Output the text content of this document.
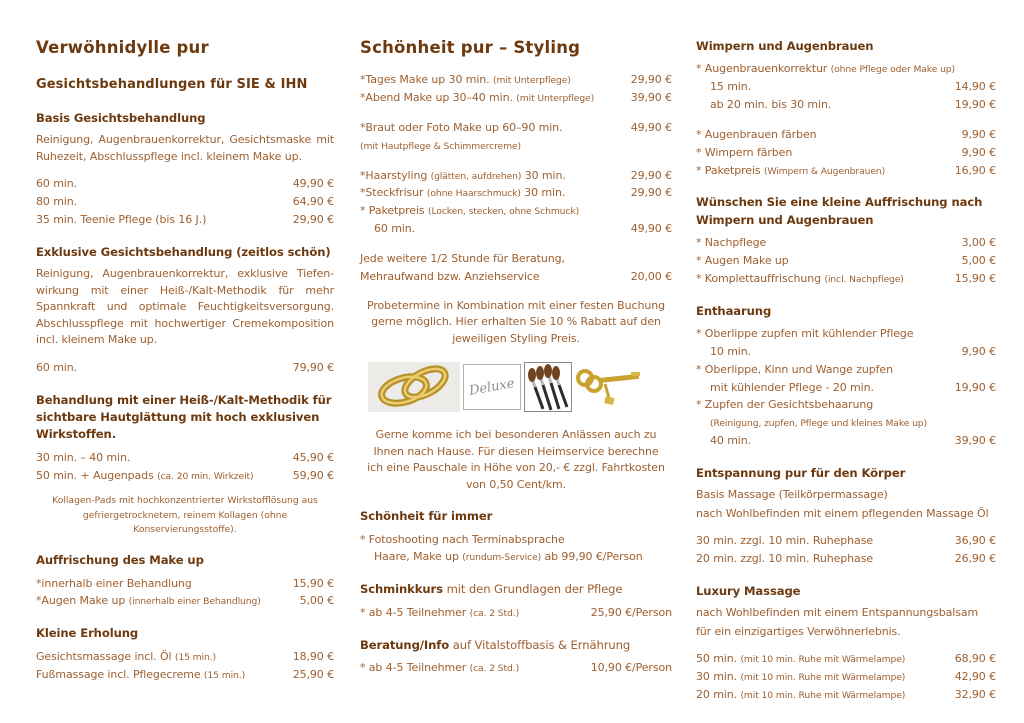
Verwöhnidylle pur
Gesichtsbehandlungen für SIE & IHN
Basis Gesichtsbehandlung
Reinigung, Augenbrauenkorrektur, Gesichtsmaske mit Ruhezeit, Abschlusspflege incl. kleinem Make up.
60 min.	49,90 €
80 min.	64,90 €
35 min. Teenie Pflege (bis 16 J.)	29,90 €
Exklusive Gesichtsbehandlung (zeitlos schön)
Reinigung, Augenbrauenkorrektur, exklusive Tiefen-wirkung mit einer Heiß-/Kalt-Methodik für mehr Spannkraft und optimale Feuchtigkeitsversorgung. Abschlusspflege mit hochwertiger Cremekomposition incl. kleinem Make up.
60 min.	79,90 €
Behandlung mit einer Heiß-/Kalt-Methodik für sichtbare Hautglättung mit hoch exklusiven Wirkstoffen.
30 min. – 40 min.	45,90 €
50 min. + Augenpads (ca. 20 min. Wirkzeit)	59,90 €
Kollagen-Pads mit hochkonzentrierter Wirkstofflösung aus gefriergetrocknetem, reinem Kollagen (ohne Konservierungsstoffe).
Auffrischung des Make up
*innerhalb einer Behandlung	15,90 €
*Augen Make up (innerhalb einer Behandlung)	5,00 €
Kleine Erholung
Gesichtsmassage incl. Öl (15 min.)	18,90 €
Fußmassage incl. Pflegecreme (15 min.)	25,90 €
Schönheit pur – Styling
*Tages Make up 30 min. (mit Unterpflege)	29,90 €
*Abend Make up 30–40 min. (mit Unterpflege)	39,90 €
*Braut oder Foto Make up 60–90 min.	49,90 €
(mit Hautpflege & Schimmercreme)
*Haarstyling (glätten, aufdrehen) 30 min.	29,90 €
*Steckfrisur (ohne Haarschmuck) 30 min.	29,90 €
* Paketpreis (Locken, stecken, ohne Schmuck)
60 min.	49,90 €
Jede weitere 1/2 Stunde für Beratung,
Mehraufwand bzw. Anziehservice	20,00 €
Probetermine in Kombination mit einer festen Buchung gerne möglich. Hier erhalten Sie 10 % Rabatt auf den jeweiligen Styling Preis.
Deluxe
Gerne komme ich bei besonderen Anlässen auch zu Ihnen nach Hause. Für diesen Heimservice berechne ich eine Pauschale in Höhe von 20,- € zzgl. Fahrtkosten von 0,50 Cent/km.
Schönheit für immer
* Fotoshooting nach Terminabsprache
Haare, Make up (rundum-Service) ab 99,90 €/Person
Schminkkurs mit den Grundlagen der Pflege
* ab 4-5 Teilnehmer (ca. 2 Std.)	25,90 €/Person
Beratung/Info auf Vitalstoffbasis & Ernährung
* ab 4-5 Teilnehmer (ca. 2 Std.)	10,90 €/Person
Wimpern und Augenbrauen
* Augenbrauenkorrektur (ohne Pflege oder Make up)
15 min.	14,90 €
ab 20 min. bis 30 min.	19,90 €
* Augenbrauen färben	9,90 €
* Wimpern färben	9,90 €
* Paketpreis (Wimpern & Augenbrauen)	16,90 €
Wünschen Sie eine kleine Auffrischung nach Wimpern und Augenbrauen
* Nachpflege	3,00 €
* Augen Make up	5,00 €
* Komplettauffrischung (incl. Nachpflege)	15,90 €
Enthaarung
* Oberlippe zupfen mit kühlender Pflege
10 min.	9,90 €
* Oberlippe, Kinn und Wange zupfen
mit kühlender Pflege - 20 min.	19,90 €
* Zupfen der Gesichtsbehaarung
(Reinigung, zupfen, Pflege und kleines Make up)
40 min.	39,90 €
Entspannung pur für den Körper
Basis Massage (Teilkörpermassage)
nach Wohlbefinden mit einem pflegenden Massage Öl
30 min. zzgl. 10 min. Ruhephase	36,90 €
20 min. zzgl. 10 min. Ruhephase	26,90 €
Luxury Massage
nach Wohlbefinden mit einem Entspannungsbalsam
für ein einzigartiges Verwöhnerlebnis.
50 min. (mit 10 min. Ruhe mit Wärmelampe)	68,90 €
30 min. (mit 10 min. Ruhe mit Wärmelampe)	42,90 €
20 min. (mit 10 min. Ruhe mit Wärmelampe)	32,90 €
